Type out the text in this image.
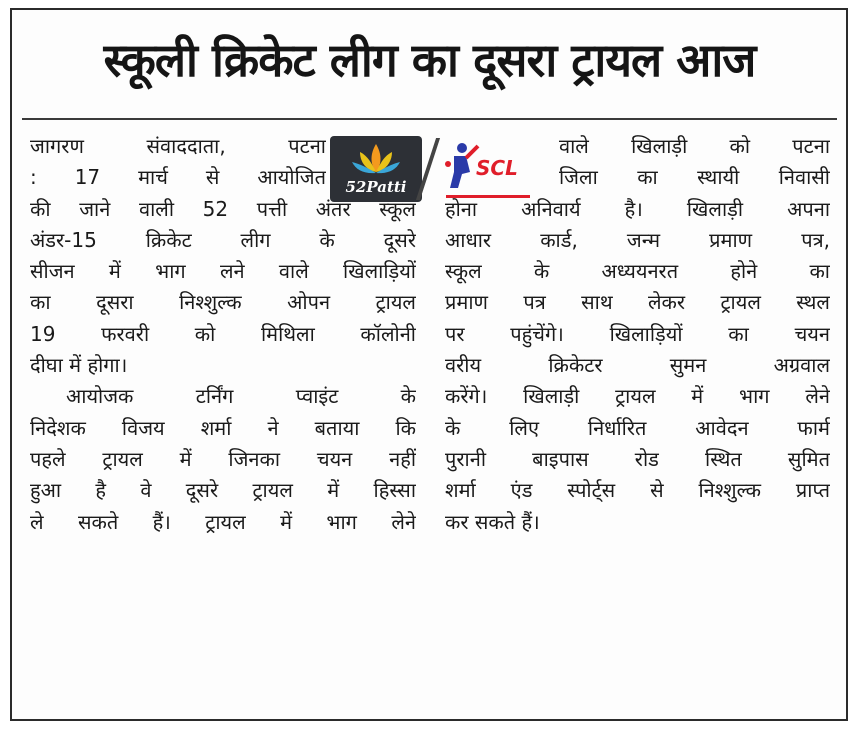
स्कूली क्रिकेट लीग का दूसरा ट्रायल आज
52Patti
SCL
जागरण संवाददाता, पटना
: 17 मार्च से आयोजित
की जाने वाली 52 पत्ती अंतर स्कूल
अंडर-15 क्रिकेट लीग के दूसरे
सीजन में भाग लने वाले खिलाड़ियों
का दूसरा निश्शुल्क ओपन ट्रायल
19 फरवरी को मिथिला कॉलोनी
दीघा में होगा।
आयोजक टर्निंग प्वाइंट के
निदेशक विजय शर्मा ने बताया कि
पहले ट्रायल में जिनका चयन नहीं
हुआ है वे दूसरे ट्रायल में हिस्सा
ले सकते हैं। ट्रायल में भाग लेने
वाले खिलाड़ी को पटना
जिला का स्थायी निवासी
होना अनिवार्य है। खिलाड़ी अपना
आधार कार्ड, जन्म प्रमाण पत्र,
स्कूल के अध्ययनरत होने का
प्रमाण पत्र साथ लेकर ट्रायल स्थल
पर पहुंचेंगे। खिलाड़ियों का चयन
वरीय क्रिकेटर सुमन अग्रवाल
करेंगे। खिलाड़ी ट्रायल में भाग लेने
के लिए निर्धारित आवेदन फार्म
पुरानी बाइपास रोड स्थित सुमित
शर्मा एंड स्पोर्ट्स से निश्शुल्क प्राप्त
कर सकते हैं।
